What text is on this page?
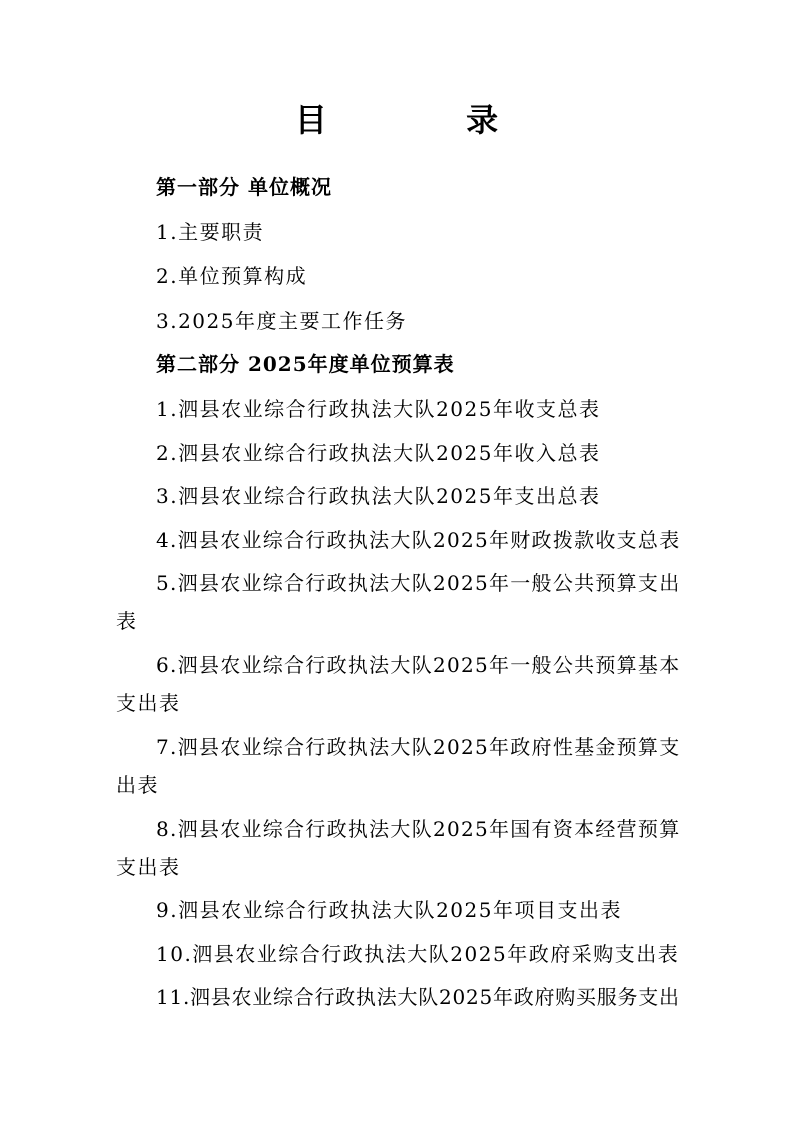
目 录
第一部分 单位概况
1.主要职责
2.单位预算构成
3.2025年度主要工作任务
第二部分 2025年度单位预算表
1.泗县农业综合行政执法大队2025年收支总表
2.泗县农业综合行政执法大队2025年收入总表
3.泗县农业综合行政执法大队2025年支出总表
4.泗县农业综合行政执法大队2025年财政拨款收支总表
5.泗县农业综合行政执法大队2025年一般公共预算支出
表
6.泗县农业综合行政执法大队2025年一般公共预算基本
支出表
7.泗县农业综合行政执法大队2025年政府性基金预算支
出表
8.泗县农业综合行政执法大队2025年国有资本经营预算
支出表
9.泗县农业综合行政执法大队2025年项目支出表
10.泗县农业综合行政执法大队2025年政府采购支出表
11.泗县农业综合行政执法大队2025年政府购买服务支出
